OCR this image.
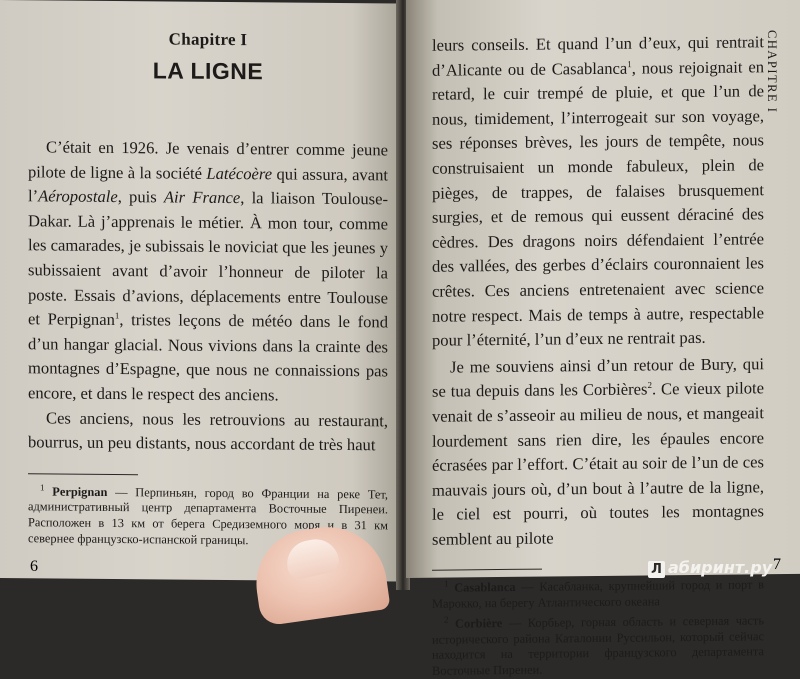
Chapitre I
LA LIGNE

C’était en 1926. Je venais d’entrer comme jeune pilote de ligne à la société Latécoère qui assura, avant l’Aéropostale, puis Air France, la liaison Toulouse-Dakar. Là j’apprenais le métier. À mon tour, comme les camarades, je subissais le noviciat que les jeunes y subissaient avant d’avoir l’honneur de piloter la poste. Essais d’avions, déplacements entre Toulouse et Perpignan$^1$, tristes leçons de météo dans le fond d’un hangar glacial. Nous vivions dans la crainte des montagnes d’Espagne, que nous ne connaissions pas encore, et dans le respect des anciens.

Ces anciens, nous les retrouvions au restaurant, bourrus, un peu distants, nous accordant de très haut

$^1$ Perpignan — Перпиньян, город во Франции на реке Тет, административный центр департамента Восточные Пиренеи. Расположен в 13 км от берега Средиземного моря и в 31 км севернее французско-испанской границы.

leurs conseils. Et quand l’un d’eux, qui rentrait d’Alicante ou de Casablanca$^1$, nous rejoignait en retard, le cuir trempé de pluie, et que l’un de nous, timidement, l’interrogeait sur son voyage, ses réponses brèves, les jours de tempête, nous construisaient un monde fabuleux, plein de pièges, de trappes, de falaises brusquement surgies, et de remous qui eussent déraciné des cèdres. Des dragons noirs défendaient l’entrée des vallées, des gerbes d’éclairs couronnaient les crêtes. Ces anciens entretenaient avec science notre respect. Mais de temps à autre, respectable pour l’éternité, l’un d’eux ne rentrait pas.

Je me souviens ainsi d’un retour de Bury, qui se tua depuis dans les Corbières$^2$. Ce vieux pilote venait de s’asseoir au milieu de nous, et mangeait lourdement sans rien dire, les épaules encore écrasées par l’effort. C’était au soir de l’un de ces mauvais jours où, d’un bout à l’autre de la ligne, le ciel est pourri, où toutes les montagnes semblent au pilote

$^1$ Casablanca — Касабланка, крупнейший город и порт в Марокко, на берегу Атлантического океана

$^2$ Corbière — Корбьер, горная область и северная часть исторического района Каталонии Руссильон, который сейчас находится на территории французского департамента Восточные Пиренеи.

CHAPITRE I
6	7
Л абиринт.ру
